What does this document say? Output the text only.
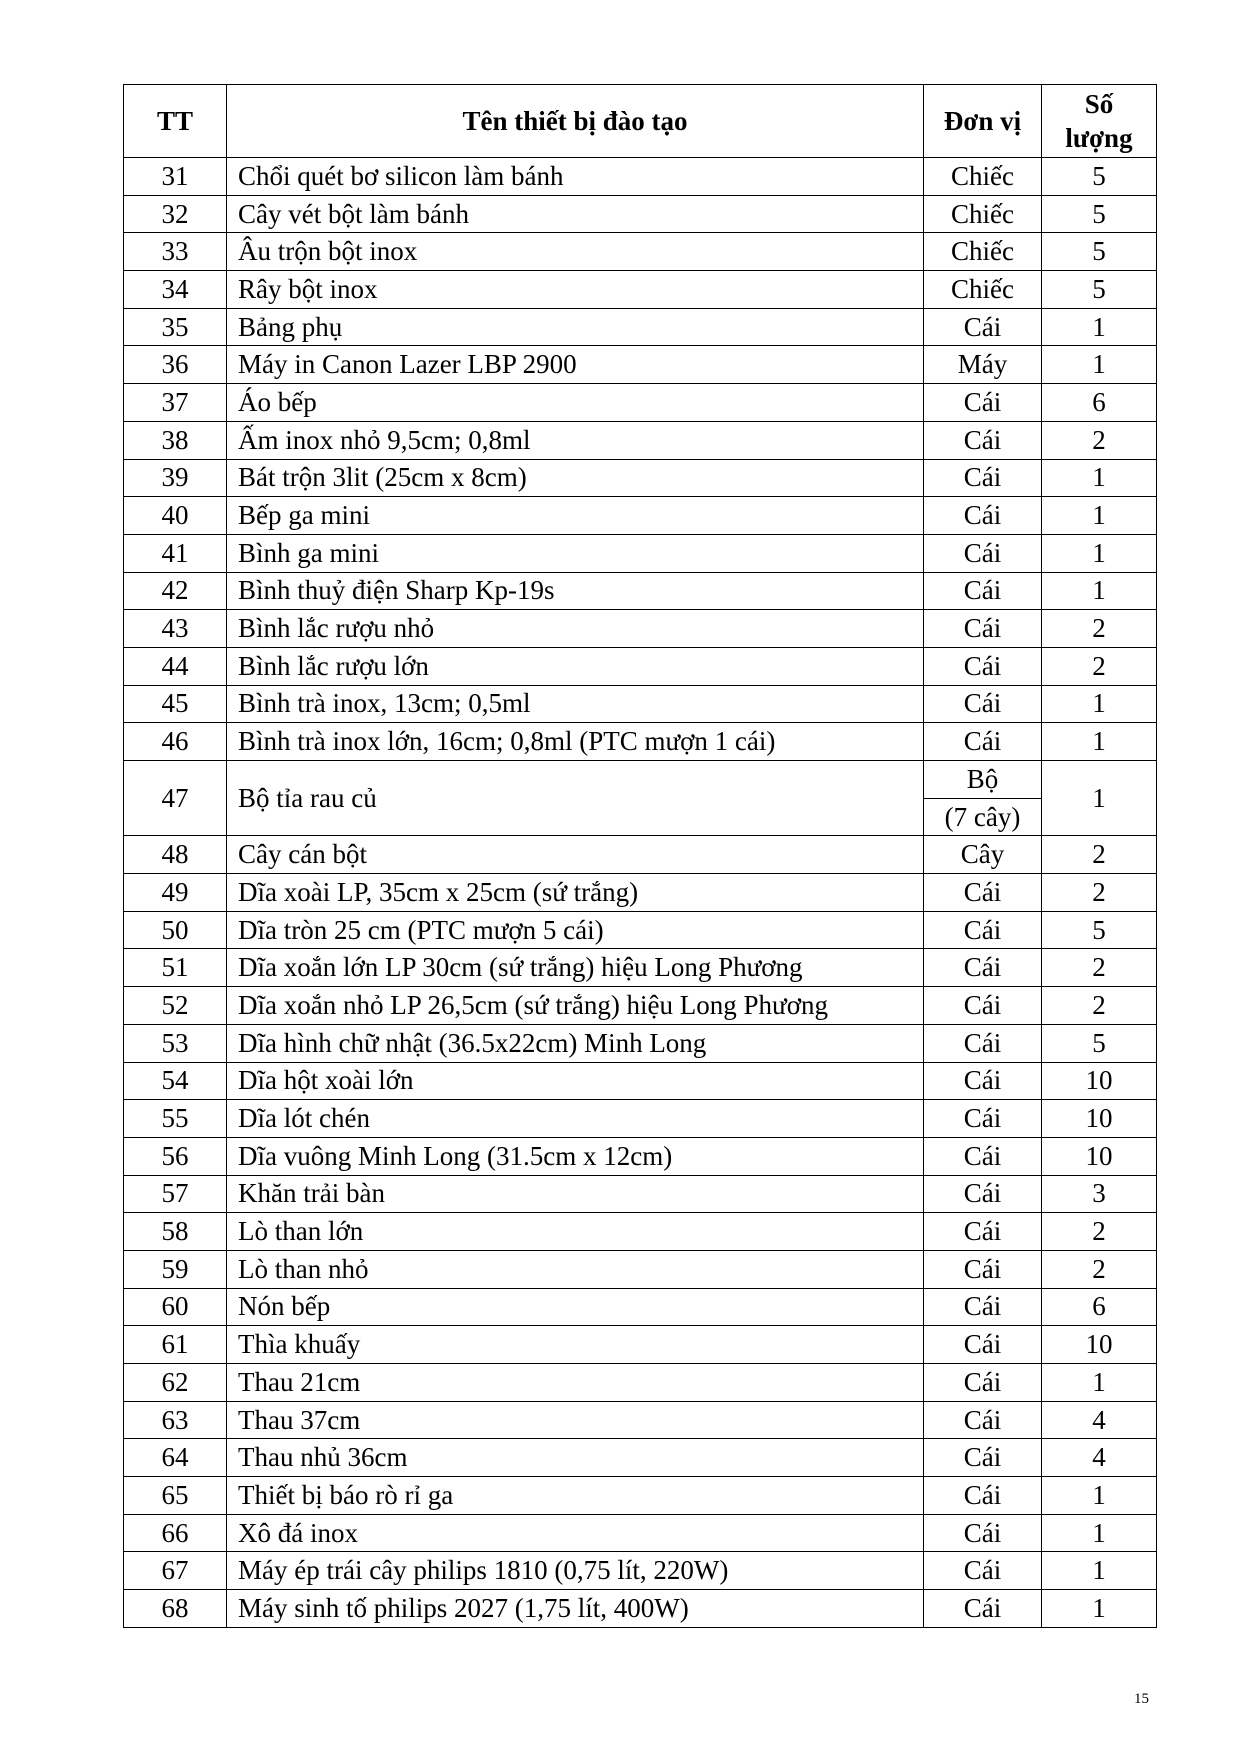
TT	Tên thiết bị đào tạo	Đơn vị	Số
lượng

31	Chổi quét bơ silicon làm bánh	Chiếc	5
32	Cây vét bột làm bánh	Chiếc	5
33	Âu trộn bột inox	Chiếc	5
34	Rây bột inox	Chiếc	5
35	Bảng phụ	Cái	1
36	Máy in Canon Lazer LBP 2900	Máy	1
37	Áo bếp	Cái	6
38	Ấm inox nhỏ 9,5cm; 0,8ml	Cái	2
39	Bát trộn 3lit (25cm x 8cm)	Cái	1
40	Bếp ga mini	Cái	1
41	Bình ga mini	Cái	1
42	Bình thuỷ điện Sharp Kp-19s	Cái	1
43	Bình lắc rượu nhỏ	Cái	2
44	Bình lắc rượu lớn	Cái	2
45	Bình trà inox, 13cm; 0,5ml	Cái	1
46	Bình trà inox lớn, 16cm; 0,8ml (PTC mượn 1 cái)	Cái	1
47	Bộ tỉa rau củ	Bộ	1
		(7 cây)	
48	Cây cán bột	Cây	2
49	Dĩa xoài LP, 35cm x 25cm (sứ trắng)	Cái	2
50	Dĩa tròn 25 cm (PTC mượn 5 cái)	Cái	5
51	Dĩa xoắn lớn LP 30cm (sứ trắng) hiệu Long Phương	Cái	2
52	Dĩa xoắn nhỏ LP 26,5cm (sứ trắng) hiệu Long Phương	Cái	2
53	Dĩa hình chữ nhật (36.5x22cm) Minh Long	Cái	5
54	Dĩa hột xoài lớn	Cái	10
55	Dĩa lót chén	Cái	10
56	Dĩa vuông Minh Long (31.5cm x 12cm)	Cái	10
57	Khăn trải bàn	Cái	3
58	Lò than lớn	Cái	2
59	Lò than nhỏ	Cái	2
60	Nón bếp	Cái	6
61	Thìa khuấy	Cái	10
62	Thau 21cm	Cái	1
63	Thau 37cm	Cái	4
64	Thau nhủ 36cm	Cái	4
65	Thiết bị báo rò rỉ ga	Cái	1
66	Xô đá inox	Cái	1
67	Máy ép trái cây philips 1810 (0,75 lít, 220W)	Cái	1
68	Máy sinh tố philips 2027 (1,75 lít, 400W)	Cái	1
15
